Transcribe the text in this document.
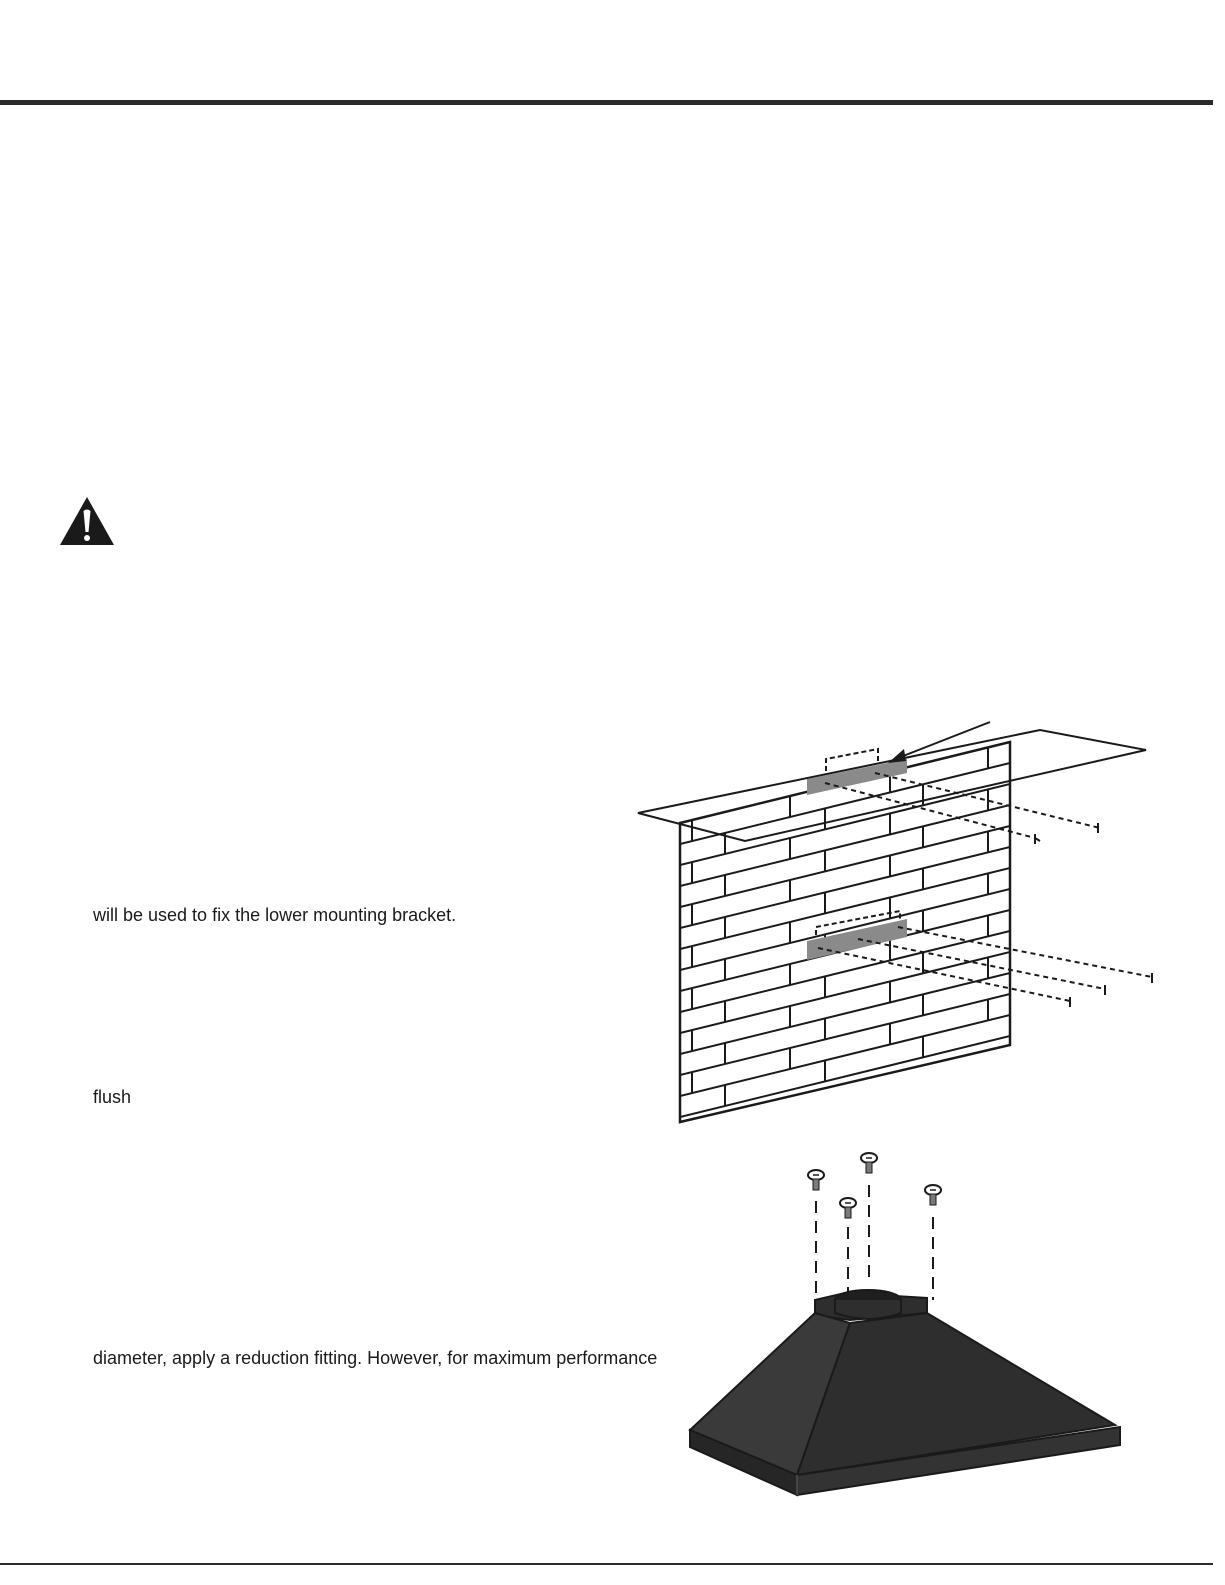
will be used to fix the lower mounting bracket.
flush
diameter, apply a reduction fitting. However, for maximum performance
